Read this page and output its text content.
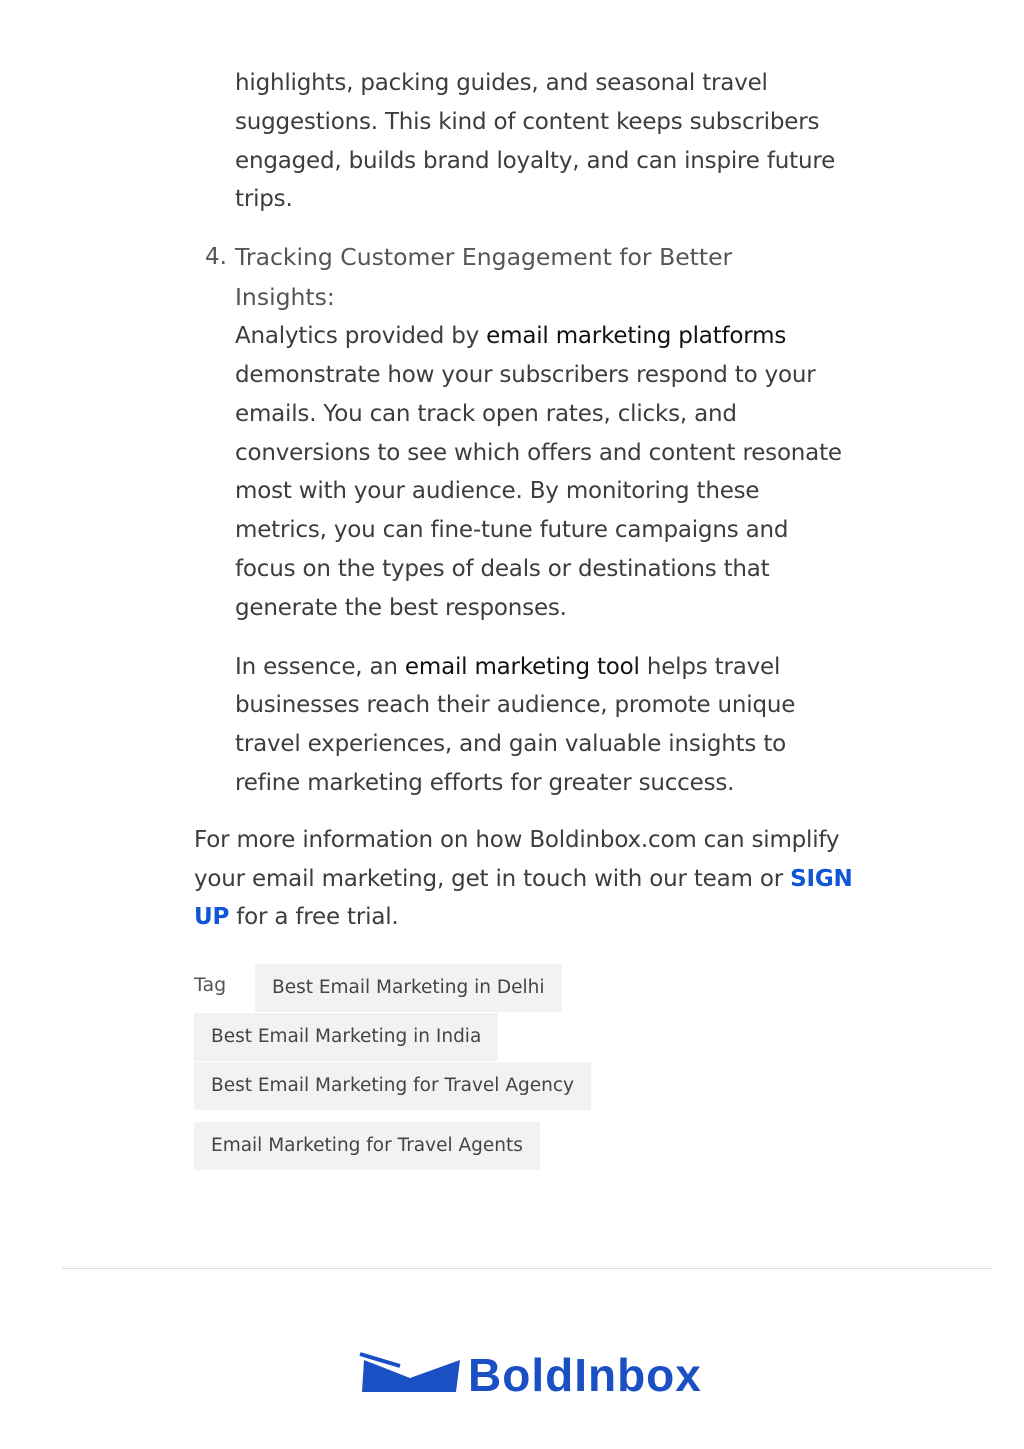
highlights, packing guides, and seasonal travel
suggestions. This kind of content keeps subscribers
engaged, builds brand loyalty, and can inspire future
trips.

4. Tracking Customer Engagement for Better
Insights:

Analytics provided by email marketing platforms
demonstrate how your subscribers respond to your
emails. You can track open rates, clicks, and
conversions to see which offers and content resonate
most with your audience. By monitoring these
metrics, you can fine-tune future campaigns and
focus on the types of deals or destinations that
generate the best responses.

In essence, an email marketing tool helps travel
businesses reach their audience, promote unique
travel experiences, and gain valuable insights to
refine marketing efforts for greater success.

For more information on how Boldinbox.com can simplify
your email marketing, get in touch with our team or SIGN
UP for a free trial.

Tag	Best Email Marketing in Delhi
Best Email Marketing in India
Best Email Marketing for Travel Agency
Email Marketing for Travel Agents
BoldInbox
